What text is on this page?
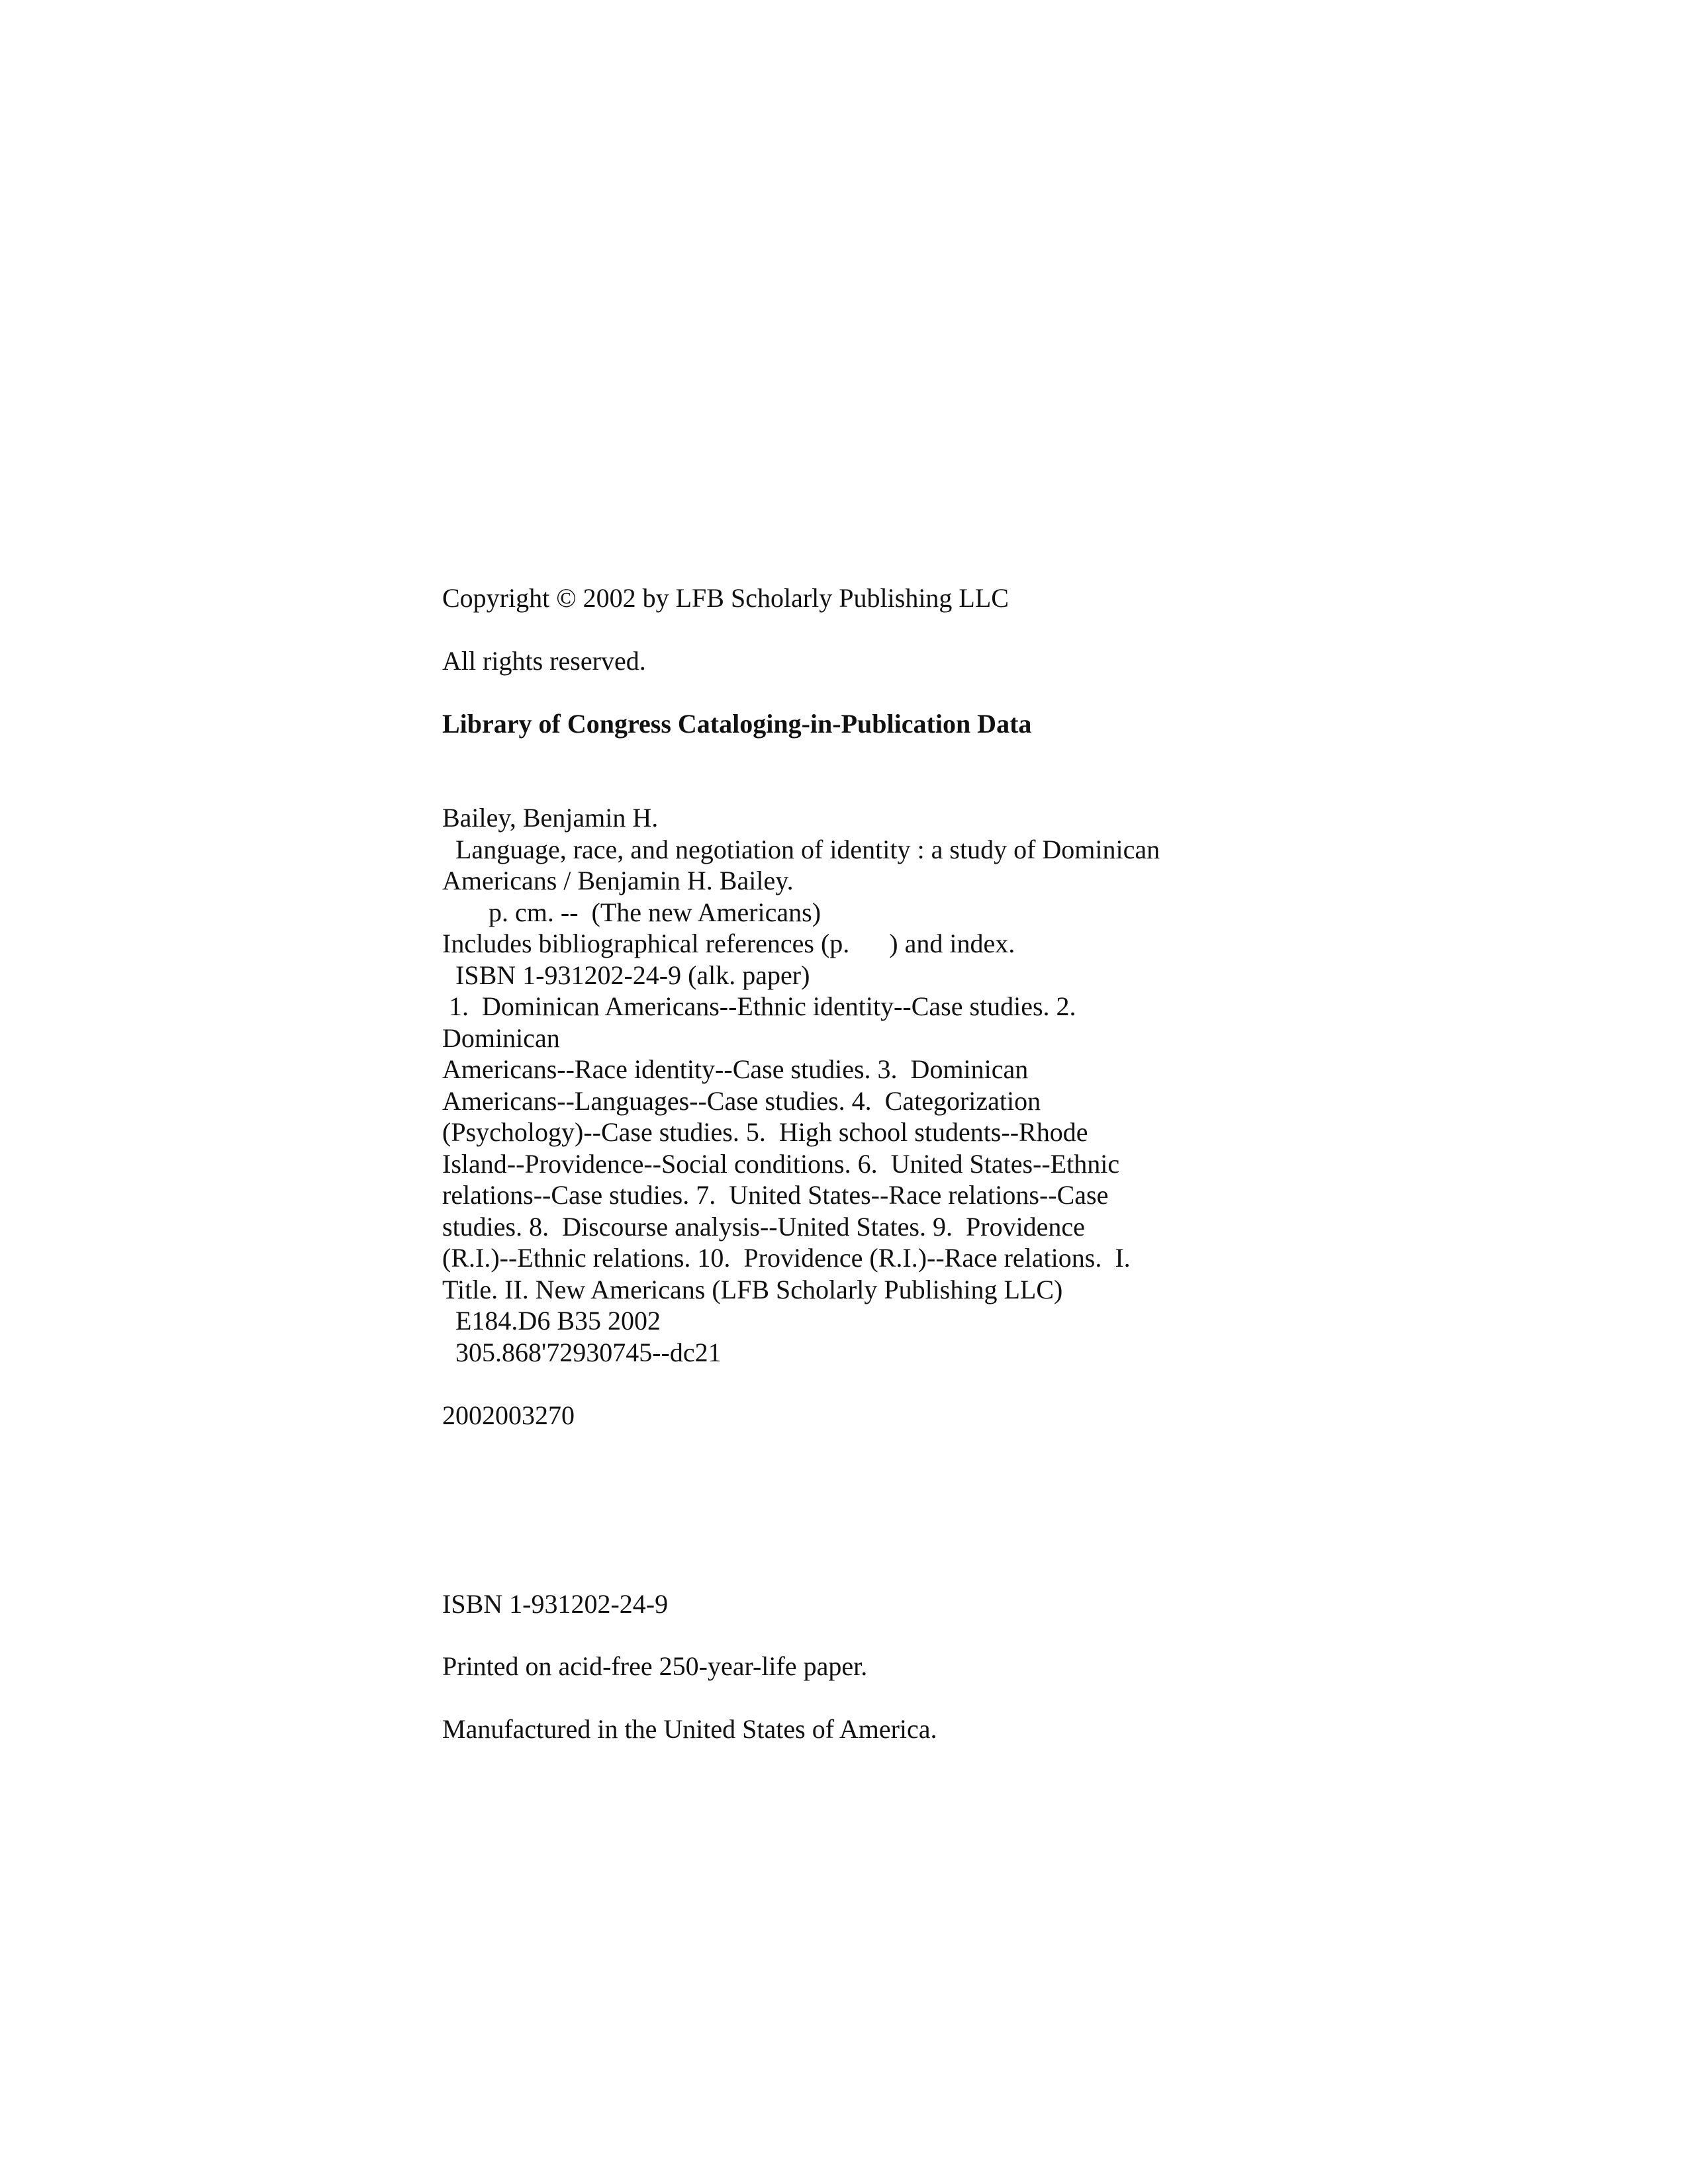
Copyright © 2002 by LFB Scholarly Publishing LLC

All rights reserved.

Library of Congress Cataloging-in-Publication Data

Bailey, Benjamin H.

Language, race, and negotiation of identity : a study of Dominican

Americans / Benjamin H. Bailey.

p. cm. --  (The new Americans)

Includes bibliographical references (p.      ) and index.

ISBN 1-931202-24-9 (alk. paper)

1.  Dominican Americans--Ethnic identity--Case studies. 2.

Dominican

Americans--Race identity--Case studies. 3.  Dominican

Americans--Languages--Case studies. 4.  Categorization

(Psychology)--Case studies. 5.  High school students--Rhode

Island--Providence--Social conditions. 6.  United States--Ethnic

relations--Case studies. 7.  United States--Race relations--Case

studies. 8.  Discourse analysis--United States. 9.  Providence

(R.I.)--Ethnic relations. 10.  Providence (R.I.)--Race relations.  I.

Title. II. New Americans (LFB Scholarly Publishing LLC)

E184.D6 B35 2002

305.868'72930745--dc21

2002003270

ISBN 1-931202-24-9

Printed on acid-free 250-year-life paper.

Manufactured in the United States of America.
